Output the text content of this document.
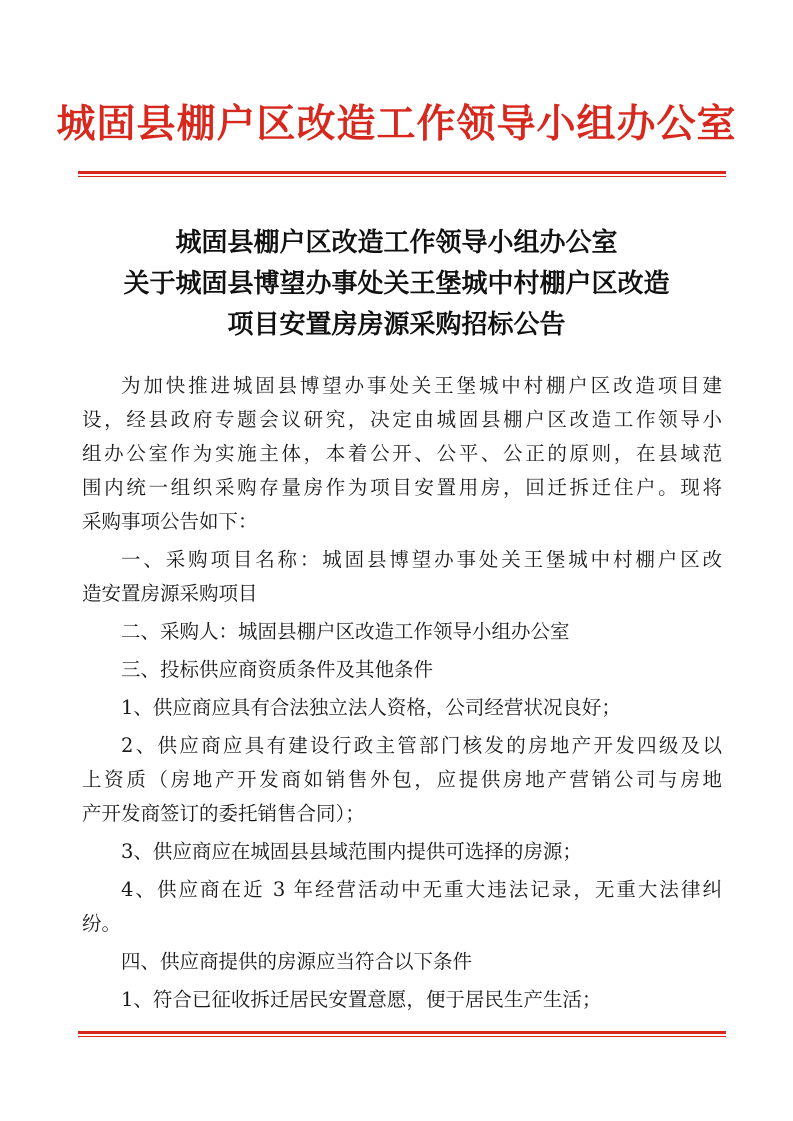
城固县棚户区改造工作领导小组办公室
城固县棚户区改造工作领导小组办公室
关于城固县博望办事处关王堡城中村棚户区改造
项目安置房房源采购招标公告
为加快推进城固县博望办事处关王堡城中村棚户区改造项目建
设，经县政府专题会议研究，决定由城固县棚户区改造工作领导小
组办公室作为实施主体，本着公开、公平、公正的原则，在县域范
围内统一组织采购存量房作为项目安置用房，回迁拆迁住户。现将
采购事项公告如下：
一、采购项目名称：城固县博望办事处关王堡城中村棚户区改
造安置房源采购项目
二、采购人：城固县棚户区改造工作领导小组办公室
三、投标供应商资质条件及其他条件
1、供应商应具有合法独立法人资格，公司经营状况良好；
2、供应商应具有建设行政主管部门核发的房地产开发四级及以
上资质（房地产开发商如销售外包，应提供房地产营销公司与房地
产开发商签订的委托销售合同）；
3、供应商应在城固县县域范围内提供可选择的房源；
4、供应商在近 3 年经营活动中无重大违法记录，无重大法律纠
纷。
四、供应商提供的房源应当符合以下条件
1、符合已征收拆迁居民安置意愿，便于居民生产生活；
